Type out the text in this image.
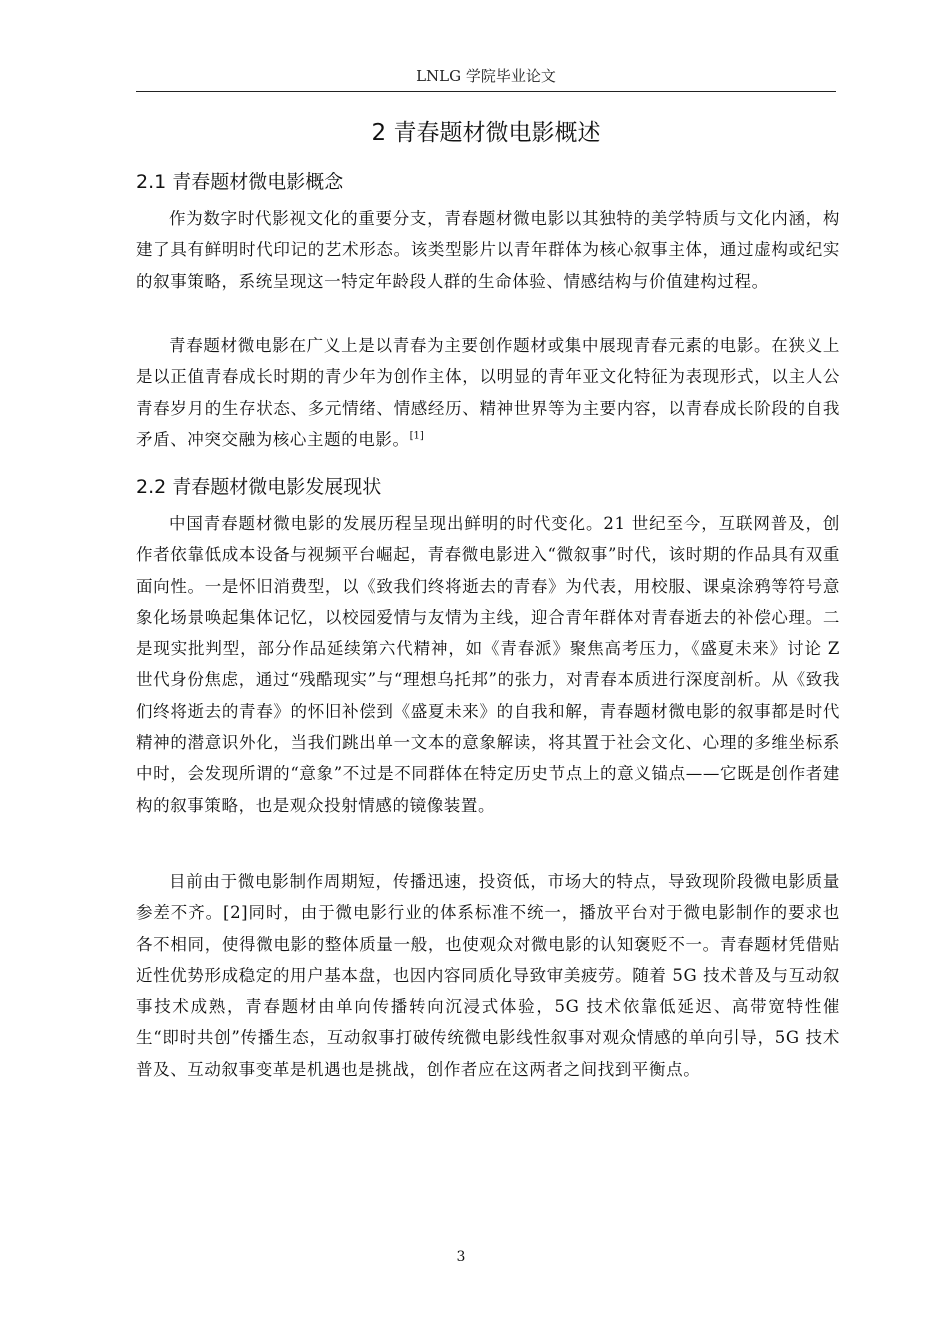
LNLG 学院毕业论文
2 青春题材微电影概述
2.1 青春题材微电影概念

作为数字时代影视文化的重要分支，青春题材微电影以其独特的美学特质与文化内涵，构建了具有鲜明时代印记的艺术形态。该类型影片以青年群体为核心叙事主体，通过虚构或纪实的叙事策略，系统呈现这一特定年龄段人群的生命体验、情感结构与价值建构过程。

青春题材微电影在广义上是以青春为主要创作题材或集中展现青春元素的电影。在狭义上是以正值青春成长时期的青少年为创作主体，以明显的青年亚文化特征为表现形式，以主人公青春岁月的生存状态、多元情绪、情感经历、精神世界等为主要内容，以青春成长阶段的自我矛盾、冲突交融为核心主题的电影。[1]

2.2 青春题材微电影发展现状

中国青春题材微电影的发展历程呈现出鲜明的时代变化。21 世纪至今，互联网普及，创作者依靠低成本设备与视频平台崛起，青春微电影进入“微叙事”时代，该时期的作品具有双重面向性。一是怀旧消费型，以《致我们终将逝去的青春》为代表，用校服、课桌涂鸦等符号意象化场景唤起集体记忆，以校园爱情与友情为主线，迎合青年群体对青春逝去的补偿心理。二是现实批判型，部分作品延续第六代精神，如《青春派》聚焦高考压力，《盛夏未来》讨论 Z 世代身份焦虑，通过“残酷现实”与“理想乌托邦”的张力，对青春本质进行深度剖析。从《致我们终将逝去的青春》的怀旧补偿到《盛夏未来》的自我和解，青春题材微电影的叙事都是时代精神的潜意识外化，当我们跳出单一文本的意象解读，将其置于社会文化、心理的多维坐标系中时，会发现所谓的“意象”不过是不同群体在特定历史节点上的意义锚点——它既是创作者建构的叙事策略，也是观众投射情感的镜像装置。

目前由于微电影制作周期短，传播迅速，投资低，市场大的特点，导致现阶段微电影质量参差不齐。[2]同时，由于微电影行业的体系标准不统一，播放平台对于微电影制作的要求也各不相同，使得微电影的整体质量一般，也使观众对微电影的认知褒贬不一。青春题材凭借贴近性优势形成稳定的用户基本盘，也因内容同质化导致审美疲劳。随着 5G 技术普及与互动叙事技术成熟，青春题材由单向传播转向沉浸式体验，5G 技术依靠低延迟、高带宽特性催生“即时共创”传播生态，互动叙事打破传统微电影线性叙事对观众情感的单向引导，5G 技术普及、互动叙事变革是机遇也是挑战，创作者应在这两者之间找到平衡点。

3
